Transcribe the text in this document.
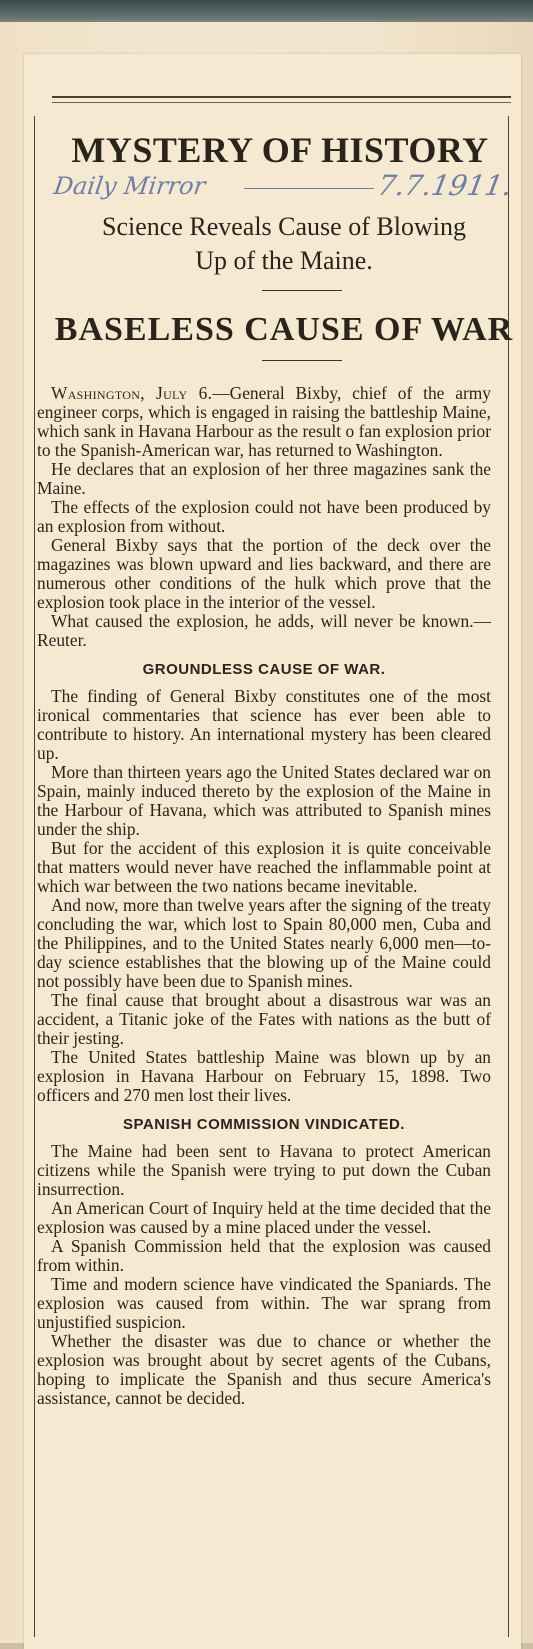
MYSTERY OF HISTORY
Daily Mirror	7.7.1911.
Science Reveals Cause of Blowing
Up of the Maine.
BASELESS CAUSE OF WAR

Washington, July 6.—General Bixby, chief of the army engineer corps, which is engaged in raising the battleship Maine, which sank in Havana Harbour as the result o fan explosion prior to the Spanish-American war, has returned to Washington.

He declares that an explosion of her three magazines sank the Maine.

The effects of the explosion could not have been produced by an explosion from without.

General Bixby says that the portion of the deck over the magazines was blown upward and lies backward, and there are numerous other conditions of the hulk which prove that the explosion took place in the interior of the vessel.

What caused the explosion, he adds, will never be known.—Reuter.

GROUNDLESS CAUSE OF WAR.

The finding of General Bixby constitutes one of the most ironical commentaries that science has ever been able to contribute to history. An international mystery has been cleared up.

More than thirteen years ago the United States declared war on Spain, mainly induced thereto by the explosion of the Maine in the Harbour of Havana, which was attributed to Spanish mines under the ship.

But for the accident of this explosion it is quite conceivable that matters would never have reached the inflammable point at which war between the two nations became inevitable.

And now, more than twelve years after the signing of the treaty concluding the war, which lost to Spain 80,000 men, Cuba and the Philippines, and to the United States nearly 6,000 men—to-day science establishes that the blowing up of the Maine could not possibly have been due to Spanish mines.

The final cause that brought about a disastrous war was an accident, a Titanic joke of the Fates with nations as the butt of their jesting.

The United States battleship Maine was blown up by an explosion in Havana Harbour on February 15, 1898. Two officers and 270 men lost their lives.

SPANISH COMMISSION VINDICATED.

The Maine had been sent to Havana to protect American citizens while the Spanish were trying to put down the Cuban insurrection.

An American Court of Inquiry held at the time decided that the explosion was caused by a mine placed under the vessel.

A Spanish Commission held that the explosion was caused from within.

Time and modern science have vindicated the Spaniards. The explosion was caused from within. The war sprang from unjustified suspicion.

Whether the disaster was due to chance or whether the explosion was brought about by secret agents of the Cubans, hoping to implicate the Spanish and thus secure America's assistance, cannot be decided.
